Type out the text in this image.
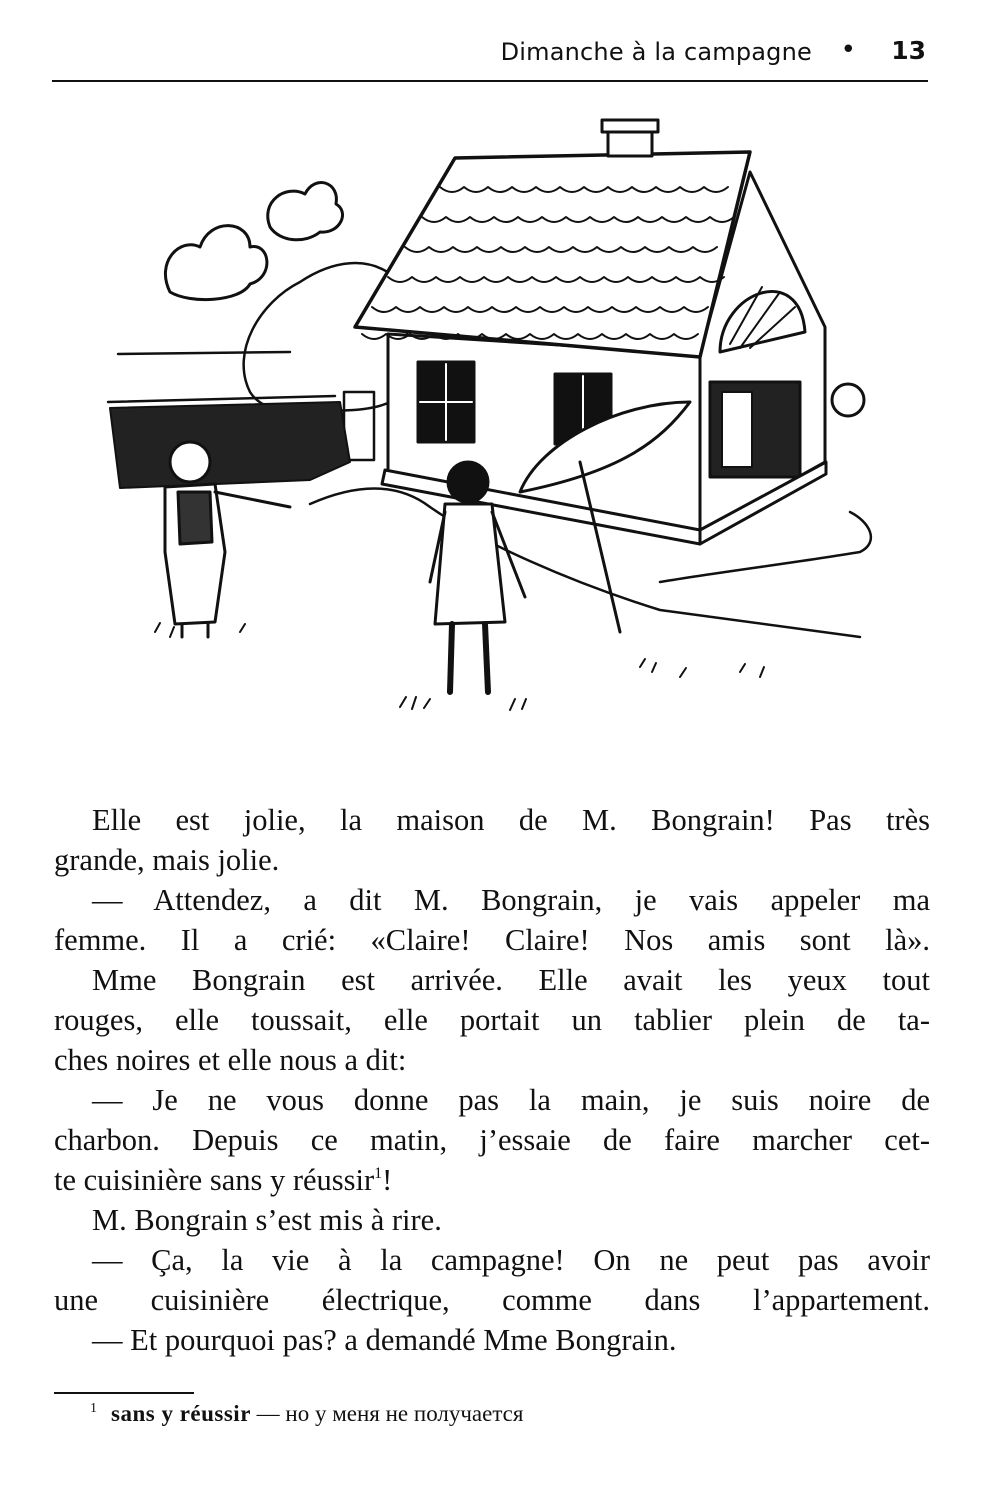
Dimanche à la campagne • 13
Elle est jolie, la maison de M. Bongrain! Pas très
grande, mais jolie.
— Attendez, a dit M. Bongrain, je vais appeler ma
femme. Il a crié: «Claire! Claire! Nos amis sont là».
Mme Bongrain est arrivée. Elle avait les yeux tout
rouges, elle toussait, elle portait un tablier plein de ta-
ches noires et elle nous a dit:
— Je ne vous donne pas la main, je suis noire de
charbon. Depuis ce matin, j’essaie de faire marcher cet-
te cuisinière sans y réussir$^1$!
M. Bongrain s’est mis à rire.
— Ça, la vie à la campagne! On ne peut pas avoir
une cuisinière électrique, comme dans l’appartement.
— Et pourquoi pas? a demandé Mme Bongrain.
$^1$ sans y réussir — но у меня не получается
